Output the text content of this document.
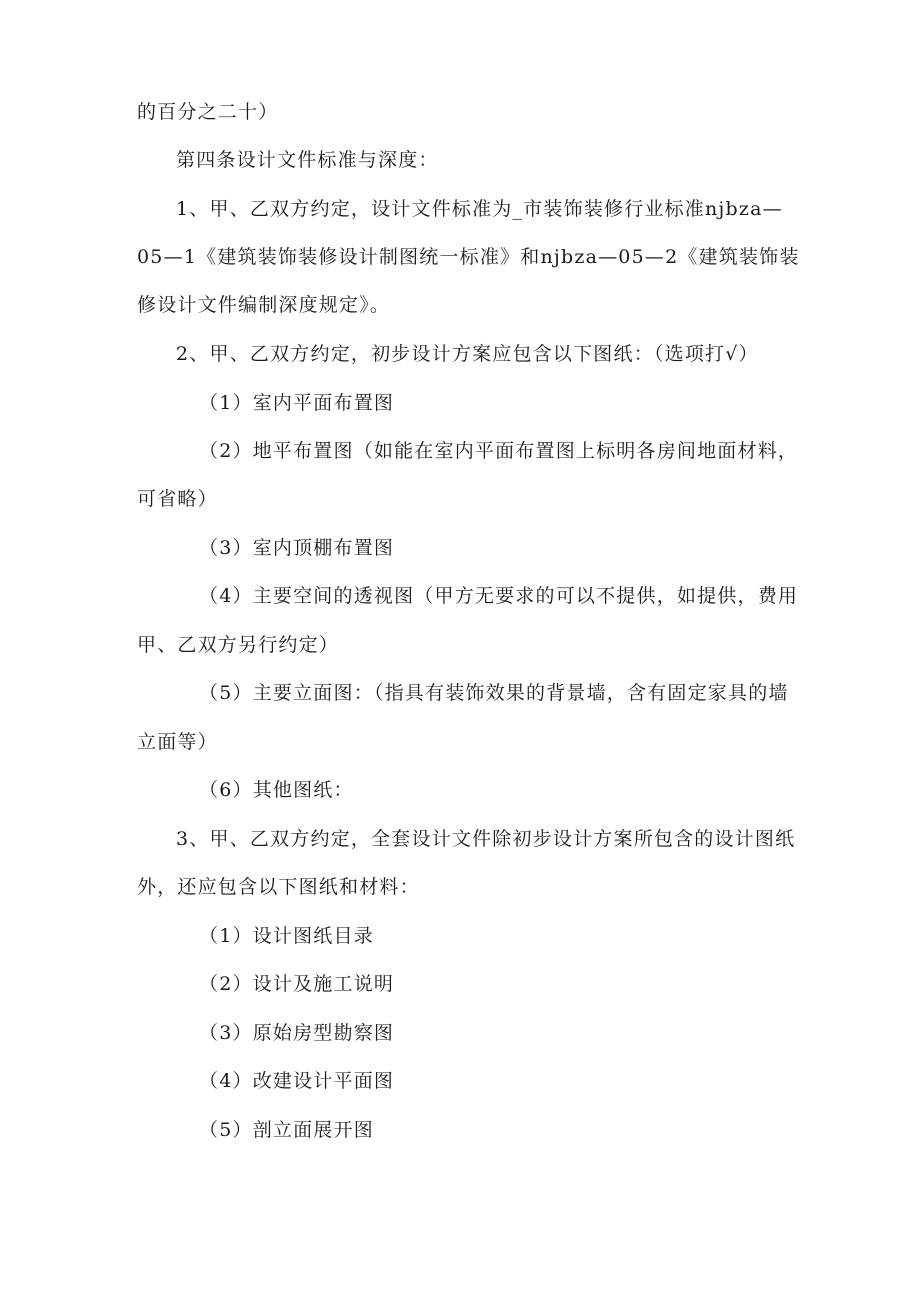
的百分之二十）
第四条设计文件标准与深度：
1、甲、乙双方约定，设计文件标准为_市装饰装修行业标准njbza—
05—1《建筑装饰装修设计制图统一标准》和njbza—05—2《建筑装饰装
修设计文件编制深度规定》。
2、甲、乙双方约定，初步设计方案应包含以下图纸：（选项打√）
（1）室内平面布置图
（2）地平布置图（如能在室内平面布置图上标明各房间地面材料，
可省略）
（3）室内顶棚布置图
（4）主要空间的透视图（甲方无要求的可以不提供，如提供，费用
甲、乙双方另行约定）
（5）主要立面图：（指具有装饰效果的背景墙，含有固定家具的墙
立面等）
（6）其他图纸：
3、甲、乙双方约定，全套设计文件除初步设计方案所包含的设计图纸
外，还应包含以下图纸和材料：
（1）设计图纸目录
（2）设计及施工说明
（3）原始房型勘察图
（4）改建设计平面图
（5）剖立面展开图
